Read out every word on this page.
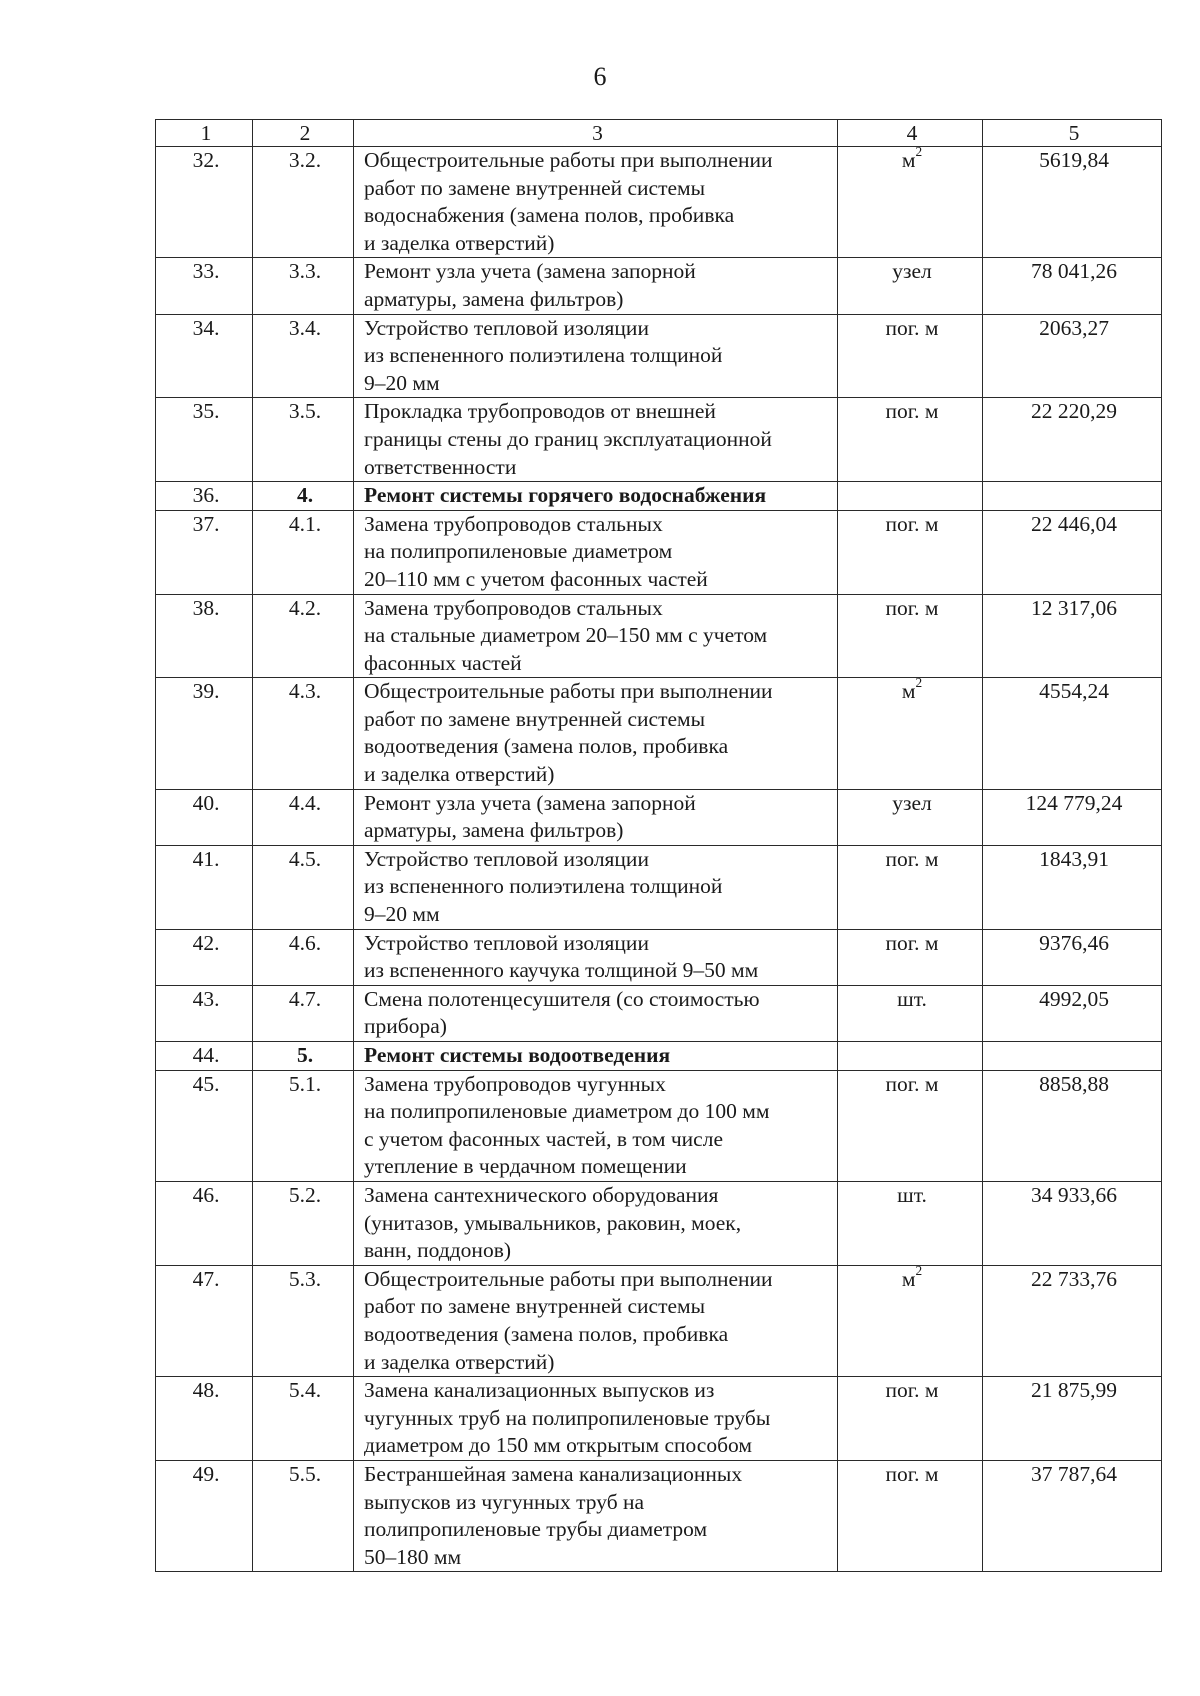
6
1	2	3	4	5
32.	3.2.	Общестроительные работы при выполнении
работ по замене внутренней системы
водоснабжения (замена полов, пробивка
и заделка отверстий)	$м^2$	5619,84
33.	3.3.	Ремонт узла учета (замена запорной
арматуры, замена фильтров)	узел	78 041,26
34.	3.4.	Устройство тепловой изоляции
из вспененного полиэтилена толщиной
9–20 мм	пог. м	2063,27
35.	3.5.	Прокладка трубопроводов от внешней
границы стены до границ эксплуатационной
ответственности	пог. м	22 220,29
36.	4.	Ремонт системы горячего водоснабжения		

37.	4.1.	Замена трубопроводов стальных
на полипропиленовые диаметром
20–110 мм с учетом фасонных частей	пог. м	22 446,04
38.	4.2.	Замена трубопроводов стальных
на стальные диаметром 20–150 мм с учетом
фасонных частей	пог. м	12 317,06
39.	4.3.	Общестроительные работы при выполнении
работ по замене внутренней системы
водоотведения (замена полов, пробивка
и заделка отверстий)	$м^2$	4554,24
40.	4.4.	Ремонт узла учета (замена запорной
арматуры, замена фильтров)	узел	124 779,24
41.	4.5.	Устройство тепловой изоляции
из вспененного полиэтилена толщиной
9–20 мм	пог. м	1843,91
42.	4.6.	Устройство тепловой изоляции
из вспененного каучука толщиной 9–50 мм	пог. м	9376,46
43.	4.7.	Смена полотенцесушителя (со стоимостью
прибора)	шт.	4992,05
44.	5.	Ремонт системы водоотведения		

45.	5.1.	Замена трубопроводов чугунных
на полипропиленовые диаметром до 100 мм
с учетом фасонных частей, в том числе
утепление в чердачном помещении	пог. м	8858,88
46.	5.2.	Замена сантехнического оборудования
(унитазов, умывальников, раковин, моек,
ванн, поддонов)	шт.	34 933,66
47.	5.3.	Общестроительные работы при выполнении
работ по замене внутренней системы
водоотведения (замена полов, пробивка
и заделка отверстий)	$м^2$	22 733,76
48.	5.4.	Замена канализационных выпусков из
чугунных труб на полипропиленовые трубы
диаметром до 150 мм открытым способом	пог. м	21 875,99
49.	5.5.	Бестраншейная замена канализационных
выпусков из чугунных труб на
полипропиленовые трубы диаметром
50–180 мм	пог. м	37 787,64
